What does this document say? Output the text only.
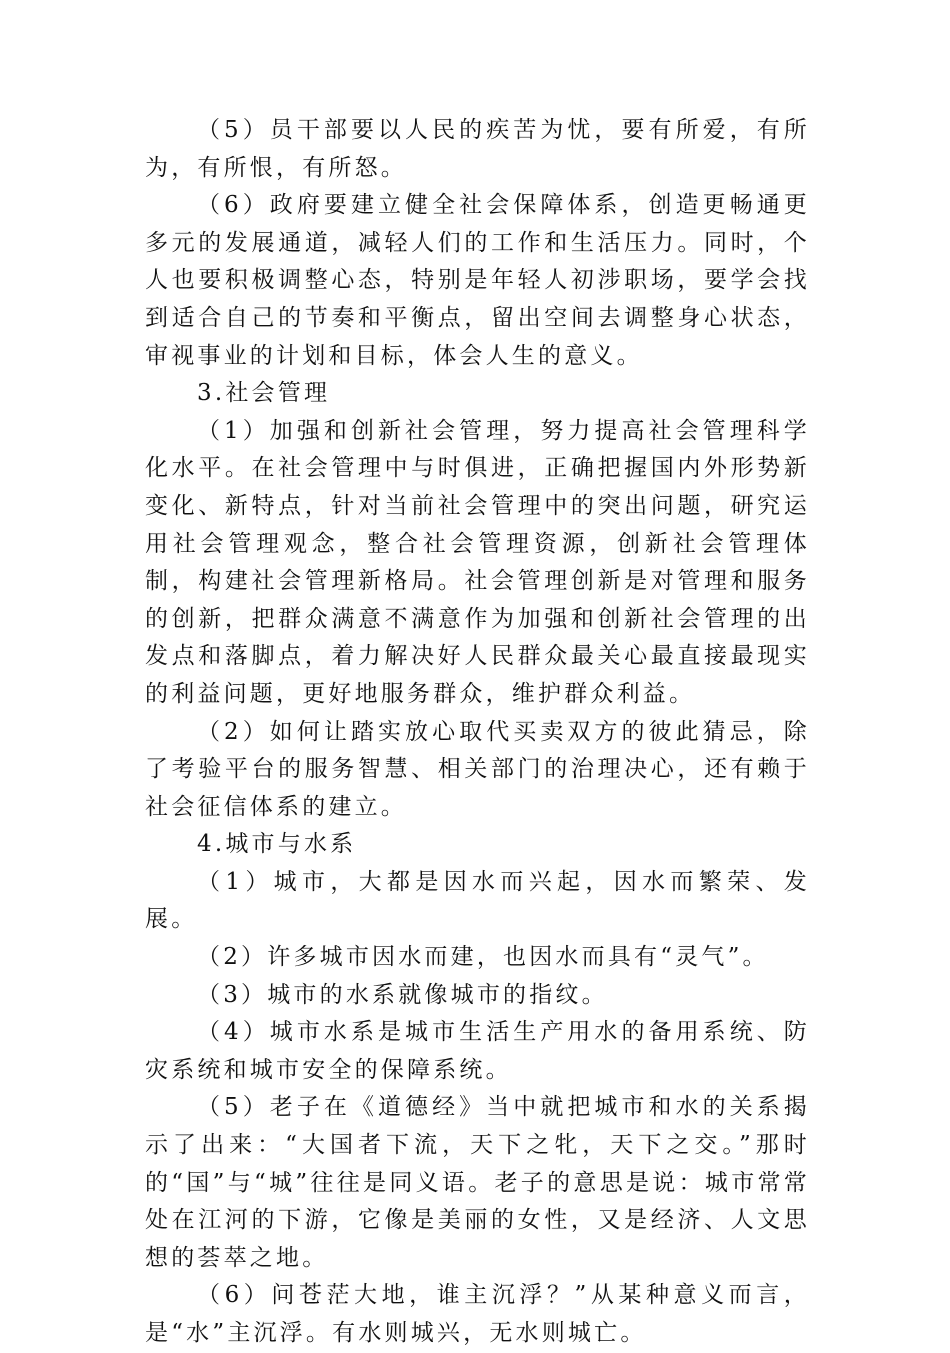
（5）员干部要以人民的疾苦为忧，要有所爱，有所为，有所恨，有所怒。

（6）政府要建立健全社会保障体系，创造更畅通更多元的发展通道，减轻人们的工作和生活压力。同时，个人也要积极调整心态，特别是年轻人初涉职场，要学会找到适合自己的节奏和平衡点，留出空间去调整身心状态，审视事业的计划和目标，体会人生的意义。

3.社会管理

（1）加强和创新社会管理，努力提高社会管理科学化水平。在社会管理中与时俱进，正确把握国内外形势新变化、新特点，针对当前社会管理中的突出问题，研究运用社会管理观念，整合社会管理资源，创新社会管理体制，构建社会管理新格局。社会管理创新是对管理和服务的创新，把群众满意不满意作为加强和创新社会管理的出发点和落脚点，着力解决好人民群众最关心最直接最现实的利益问题，更好地服务群众，维护群众利益。

（2）如何让踏实放心取代买卖双方的彼此猜忌，除了考验平台的服务智慧、相关部门的治理决心，还有赖于社会征信体系的建立。

4.城市与水系

（1）城市，大都是因水而兴起，因水而繁荣、发展。

（2）许多城市因水而建，也因水而具有“灵气”。

（3）城市的水系就像城市的指纹。

（4）城市水系是城市生活生产用水的备用系统、防灾系统和城市安全的保障系统。

（5）老子在《道德经》当中就把城市和水的关系揭示了出来：“大国者下流，天下之牝，天下之交。”那时的“国”与“城”往往是同义语。老子的意思是说：城市常常处在江河的下游，它像是美丽的女性，又是经济、人文思想的荟萃之地。

（6）问苍茫大地，谁主沉浮？”从某种意义而言，是“水”主沉浮。有水则城兴，无水则城亡。
